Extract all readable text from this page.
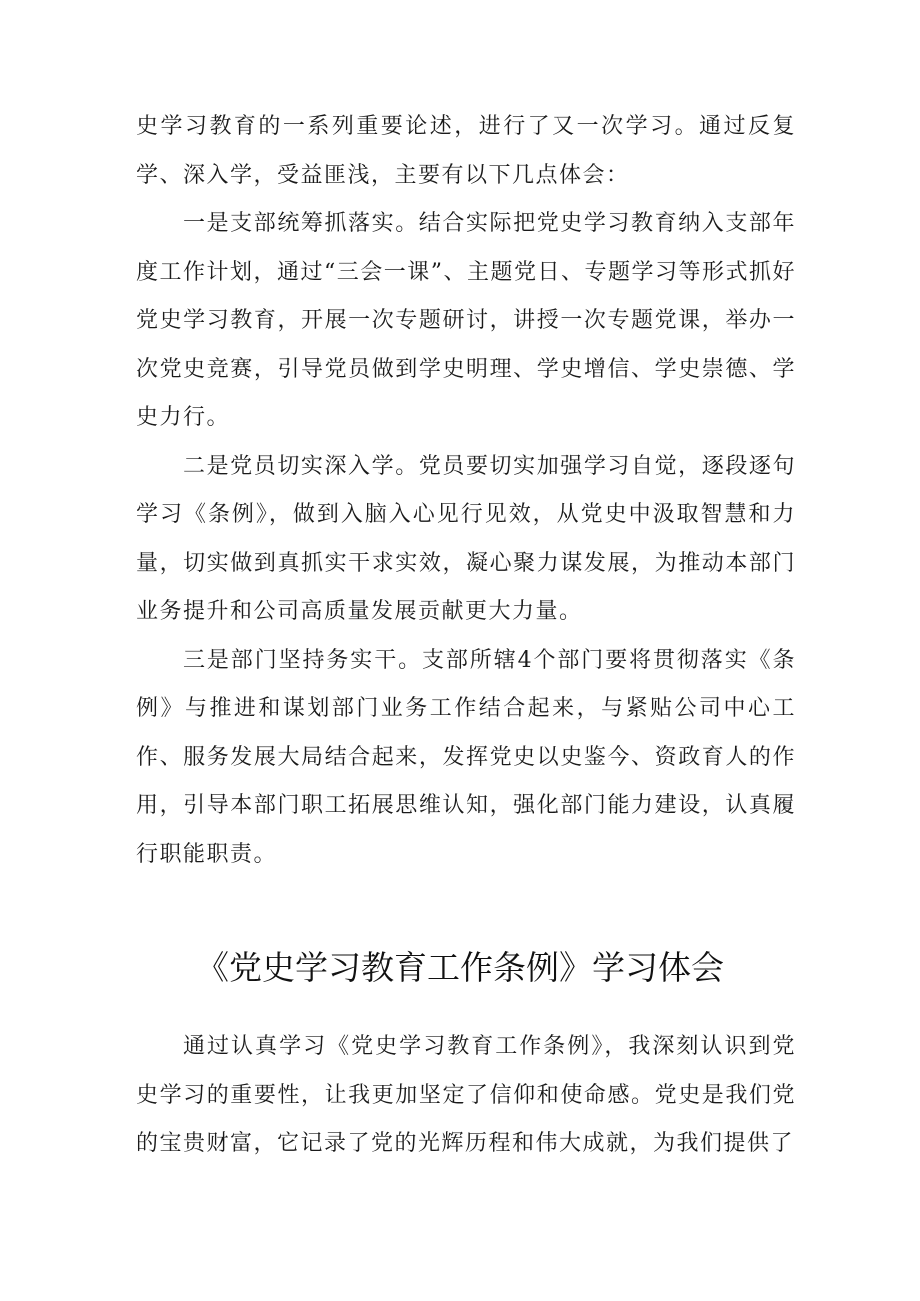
史学习教育的一系列重要论述，进行了又一次学习。通过反复学、深入学，受益匪浅，主要有以下几点体会：

一是支部统筹抓落实。结合实际把党史学习教育纳入支部年度工作计划，通过“三会一课”、主题党日、专题学习等形式抓好党史学习教育，开展一次专题研讨，讲授一次专题党课，举办一次党史竞赛，引导党员做到学史明理、学史增信、学史崇德、学史力行。

二是党员切实深入学。党员要切实加强学习自觉，逐段逐句学习《条例》，做到入脑入心见行见效，从党史中汲取智慧和力量，切实做到真抓实干求实效，凝心聚力谋发展，为推动本部门业务提升和公司高质量发展贡献更大力量。

三是部门坚持务实干。支部所辖4个部门要将贯彻落实《条例》与推进和谋划部门业务工作结合起来，与紧贴公司中心工作、服务发展大局结合起来，发挥党史以史鉴今、资政育人的作用，引导本部门职工拓展思维认知，强化部门能力建设，认真履行职能职责。

《党史学习教育工作条例》学习体会

通过认真学习《党史学习教育工作条例》，我深刻认识到党史学习的重要性，让我更加坚定了信仰和使命感。党史是我们党的宝贵财富，它记录了党的光辉历程和伟大成就，为我们提供了
